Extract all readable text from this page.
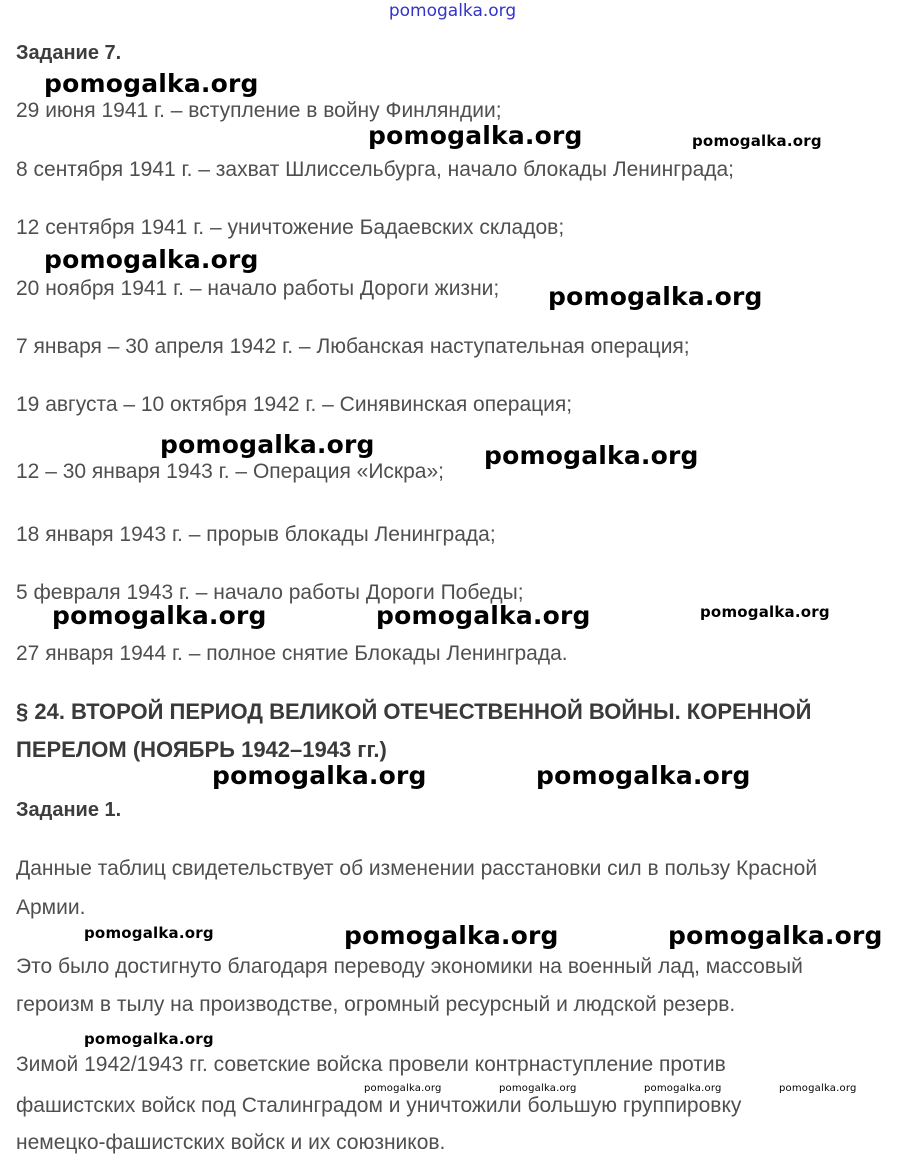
pomogalka.org
Задание 7.
29 июня 1941 г. – вступление в войну Финляндии;
8 сентября 1941 г. – захват Шлиссельбурга, начало блокады Ленинграда;
12 сентября 1941 г. – уничтожение Бадаевских складов;
20 ноября 1941 г. – начало работы Дороги жизни;
7 января – 30 апреля 1942 г. – Любанская наступательная операция;
19 августа – 10 октября 1942 г. – Синявинская операция;
12 – 30 января 1943 г. – Операция «Искра»;
18 января 1943 г. – прорыв блокады Ленинграда;
5 февраля 1943 г. – начало работы Дороги Победы;
27 января 1944 г. – полное снятие Блокады Ленинграда.
§ 24. ВТОРОЙ ПЕРИОД ВЕЛИКОЙ ОТЕЧЕСТВЕННОЙ ВОЙНЫ. КОРЕННОЙ
ПЕРЕЛОМ (НОЯБРЬ 1942–1943 гг.)
Задание 1.
Данные таблиц свидетельствует об изменении расстановки сил в пользу Красной
Армии.
Это было достигнуто благодаря переводу экономики на военный лад, массовый
героизм в тылу на производстве, огромный ресурсный и людской резерв.
Зимой 1942/1943 гг. советские войска провели контрнаступление против
фашистских войск под Сталинградом и уничтожили большую группировку
немецко-фашистских войск и их союзников.
pomogalka.org
pomogalka.org	pomogalka.org
pomogalka.org
pomogalka.org
pomogalka.org	pomogalka.org
pomogalka.org	pomogalka.org	pomogalka.org
pomogalka.org	pomogalka.org
pomogalka.org	pomogalka.org	pomogalka.org
pomogalka.org
pomogalka.org	pomogalka.org	pomogalka.org	pomogalka.org
